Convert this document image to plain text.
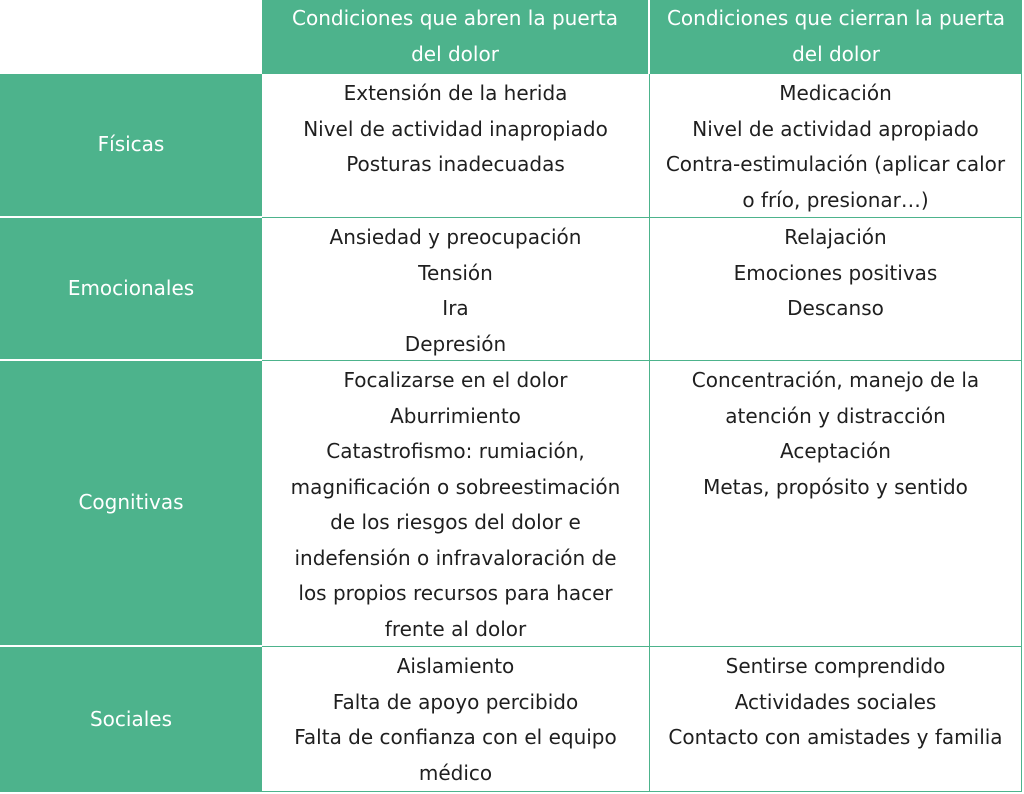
Condiciones que abren la puerta
del dolor
Condiciones que cierran la puerta
del dolor
Físicas
Extensión de la herida
Nivel de actividad inapropiado
Posturas inadecuadas
Medicación
Nivel de actividad apropiado
Contra-estimulación (aplicar calor
o frío, presionar…)
Emocionales
Ansiedad y preocupación
Tensión
Ira
Depresión
Relajación
Emociones positivas
Descanso
Cognitivas
Focalizarse en el dolor
Aburrimiento
Catastrofismo: rumiación,
magnificación o sobreestimación
de los riesgos del dolor e
indefensión o infravaloración de
los propios recursos para hacer
frente al dolor
Concentración, manejo de la
atención y distracción
Aceptación
Metas, propósito y sentido
Sociales
Aislamiento
Falta de apoyo percibido
Falta de confianza con el equipo
médico
Sentirse comprendido
Actividades sociales
Contacto con amistades y familia
